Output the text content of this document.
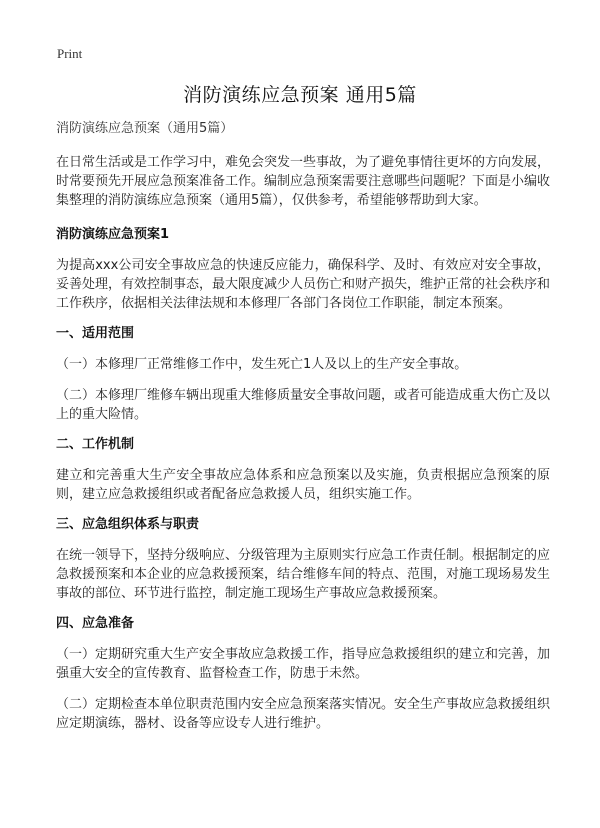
Print
消防演练应急预案 通用5篇
消防演练应急预案（通用5篇）

在日常生活或是工作学习中，难免会突发一些事故，为了避免事情往更坏的方向发展，时常要预先开展应急预案准备工作。编制应急预案需要注意哪些问题呢？下面是小编收集整理的消防演练应急预案（通用5篇），仅供参考，希望能够帮助到大家。

消防演练应急预案1

为提高xxx公司安全事故应急的快速反应能力，确保科学、及时、有效应对安全事故，妥善处理，有效控制事态，最大限度减少人员伤亡和财产损失，维护正常的社会秩序和工作秩序，依据相关法律法规和本修理厂各部门各岗位工作职能，制定本预案。

一、适用范围

（一）本修理厂正常维修工作中，发生死亡1人及以上的生产安全事故。

（二）本修理厂维修车辆出现重大维修质量安全事故问题，或者可能造成重大伤亡及以上的重大险情。

二、工作机制

建立和完善重大生产安全事故应急体系和应急预案以及实施，负责根据应急预案的原则，建立应急救援组织或者配备应急救援人员，组织实施工作。

三、应急组织体系与职责

在统一领导下，坚持分级响应、分级管理为主原则实行应急工作责任制。根据制定的应急救援预案和本企业的应急救援预案，结合维修车间的特点、范围，对施工现场易发生事故的部位、环节进行监控，制定施工现场生产事故应急救援预案。

四、应急准备

（一）定期研究重大生产安全事故应急救援工作，指导应急救援组织的建立和完善，加强重大安全的宣传教育、监督检查工作，防患于未然。

（二）定期检查本单位职责范围内安全应急预案落实情况。安全生产事故应急救援组织应定期演练，器材、设备等应设专人进行维护。
